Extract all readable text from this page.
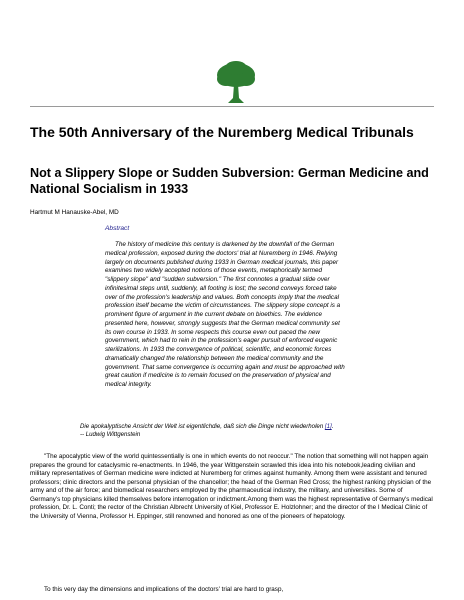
The 50th Anniversary of the Nuremberg Medical Tribunals
Not a Slippery Slope or Sudden Subversion: German Medicine and National Socialism in 1933
Hartmut M Hanauske-Abel, MD
Abstract

The history of medicine this century is darkened by the downfall of the German medical profession, exposed during the doctors' trial at Nuremberg in 1946. Relying largely on documents published during 1933 in German medical journals, this paper examines two widely accepted notions of those events, metaphorically termed "slippery slope" and "sudden subversion." The first connotes a gradual slide over infinitesimal steps until, suddenly, all footing is lost; the second conveys forced take over of the profession's leadership and values. Both concepts imply that the medical profession itself became the victim of circumstances. The slippery slope concept is a prominent figure of argument in the current debate on bioethics. The evidence presented here, however, strongly suggests that the German medical community set its own course in 1933. In some respects this course even out paced the new government, which had to rein in the profession's eager pursuit of enforced eugenic sterilizations. In 1933 the convergence of political, scientific, and economic forces dramatically changed the relationship between the medical community and the government. That same convergence is occurring again and must be approached with great caution if medicine is to remain focused on the preservation of physical and medical integrity.

Die apokalyptische Ansicht der Welt ist eigentlichdie, daß sich die Dinge nicht wiederholen [1].
-- Ludwig Wittgenstein

"The apocalyptic view of the world quintessentially is one in which events do not reoccur." The notion that something will not happen again prepares the ground for cataclysmic re-enactments. In 1946, the year Wittgenstein scrawled this idea into his notebook,leading civilian and military representatives of German medicine were indicted at Nuremberg for crimes against humanity. Among them were assistant and tenured professors; clinic directors and the personal physician of the chancellor; the head of the German Red Cross; the highest ranking physician of the army and of the air force; and biomedical researchers employed by the pharmaceutical industry, the military, and universities. Some of Germany's top physicians killed themselves before interrogation or indictment.Among them was the highest representative of Germany's medical profession, Dr. L. Conti; the rector of the Christian Albrecht University of Kiel, Professor E. Holzlohner; and the director of the I Medical Clinic of the University of Vienna, Professor H. Eppinger, still renowned and honored as one of the pioneers of hepatology.

To this very day the dimensions and implications of the doctors' trial are hard to grasp,
